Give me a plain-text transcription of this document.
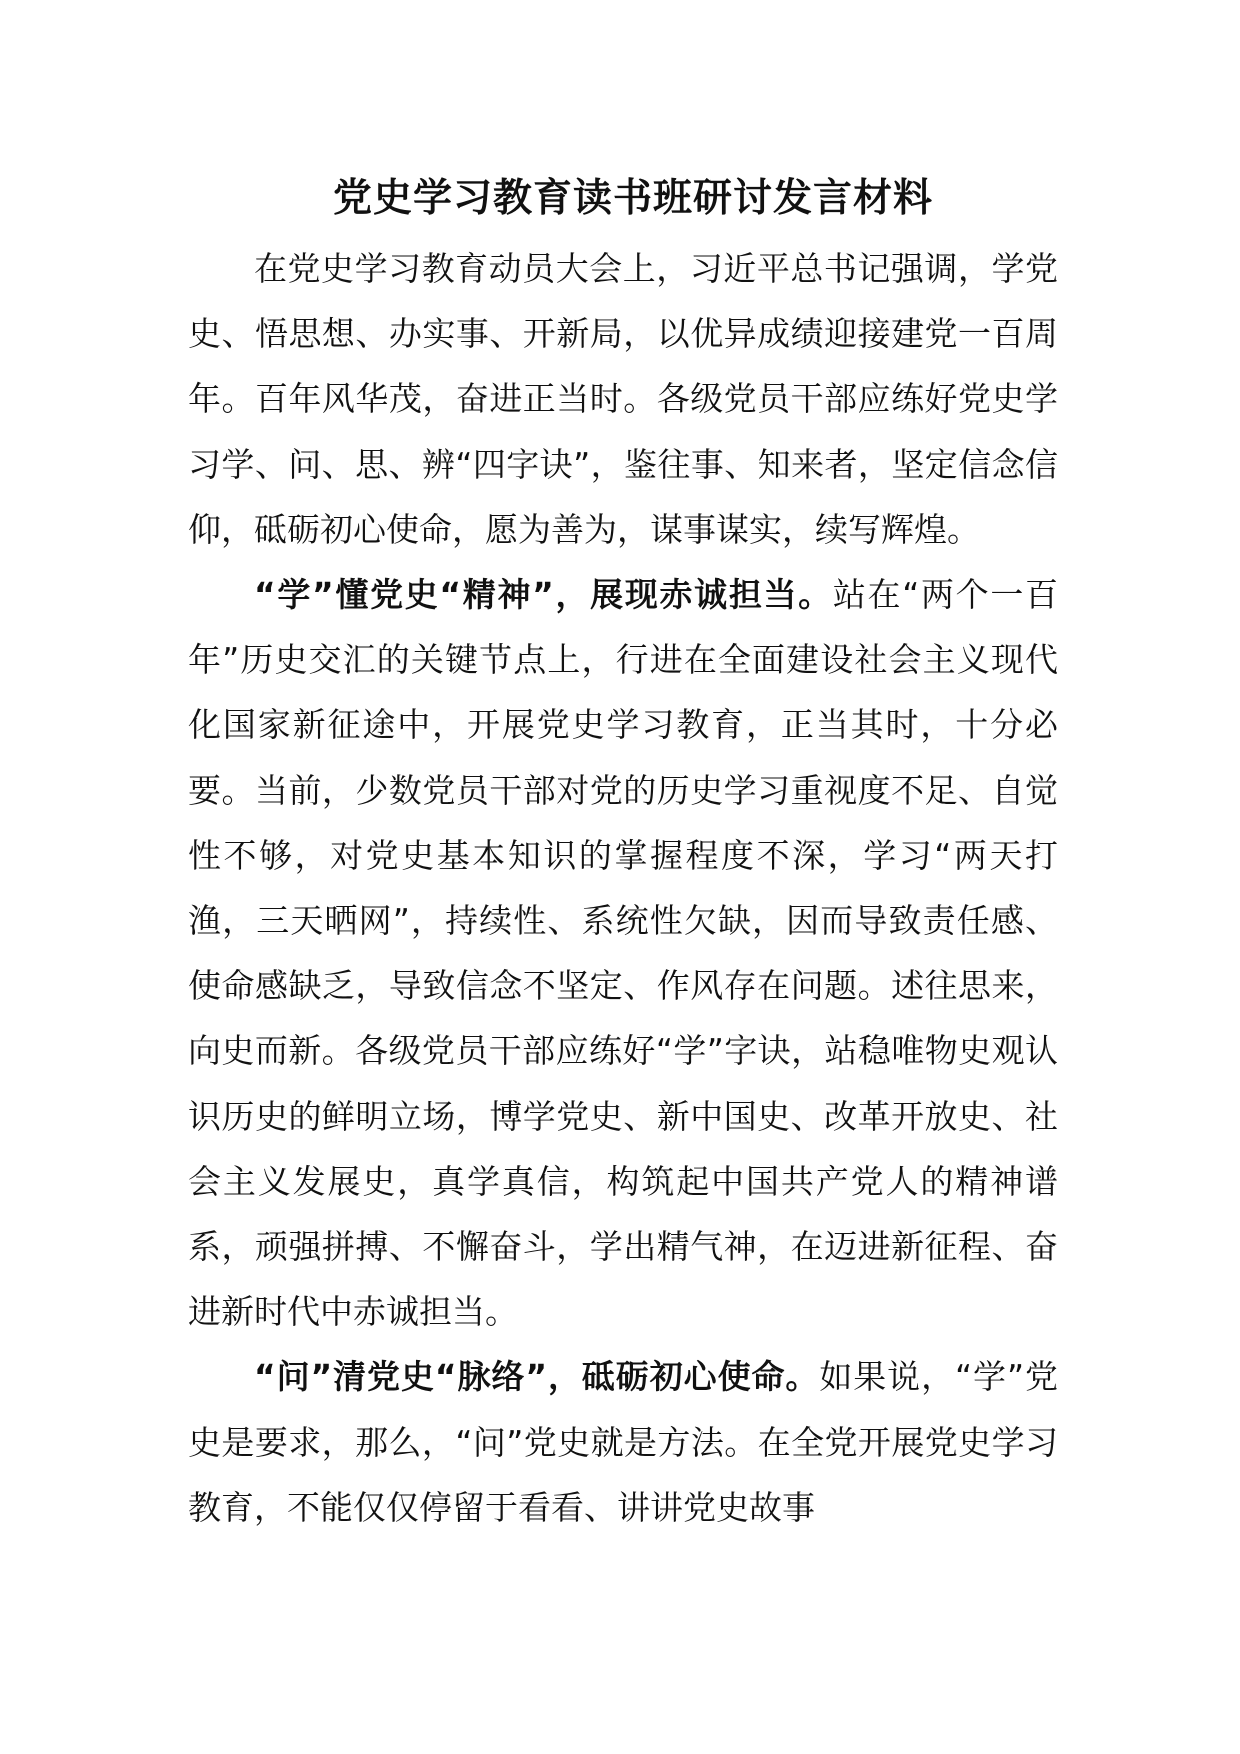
党史学习教育读书班研讨发言材料

在党史学习教育动员大会上，习近平总书记强调，学党史、悟思想、办实事、开新局，以优异成绩迎接建党一百周年。百年风华茂，奋进正当时。各级党员干部应练好党史学习学、问、思、辨“四字诀”，鉴往事、知来者，坚定信念信仰，砥砺初心使命，愿为善为，谋事谋实，续写辉煌。

“学”懂党史“精神”，展现赤诚担当。站在“两个一百年”历史交汇的关键节点上，行进在全面建设社会主义现代化国家新征途中，开展党史学习教育，正当其时，十分必要。当前，少数党员干部对党的历史学习重视度不足、自觉性不够，对党史基本知识的掌握程度不深，学习“两天打渔，三天晒网”，持续性、系统性欠缺，因而导致责任感、使命感缺乏，导致信念不坚定、作风存在问题。述往思来，向史而新。各级党员干部应练好“学”字诀，站稳唯物史观认识历史的鲜明立场，博学党史、新中国史、改革开放史、社会主义发展史，真学真信，构筑起中国共产党人的精神谱系，顽强拼搏、不懈奋斗，学出精气神，在迈进新征程、奋进新时代中赤诚担当。

“问”清党史“脉络”，砥砺初心使命。如果说，“学”党史是要求，那么，“问”党史就是方法。在全党开展党史学习教育，不能仅仅停留于看看、讲讲党史故事
